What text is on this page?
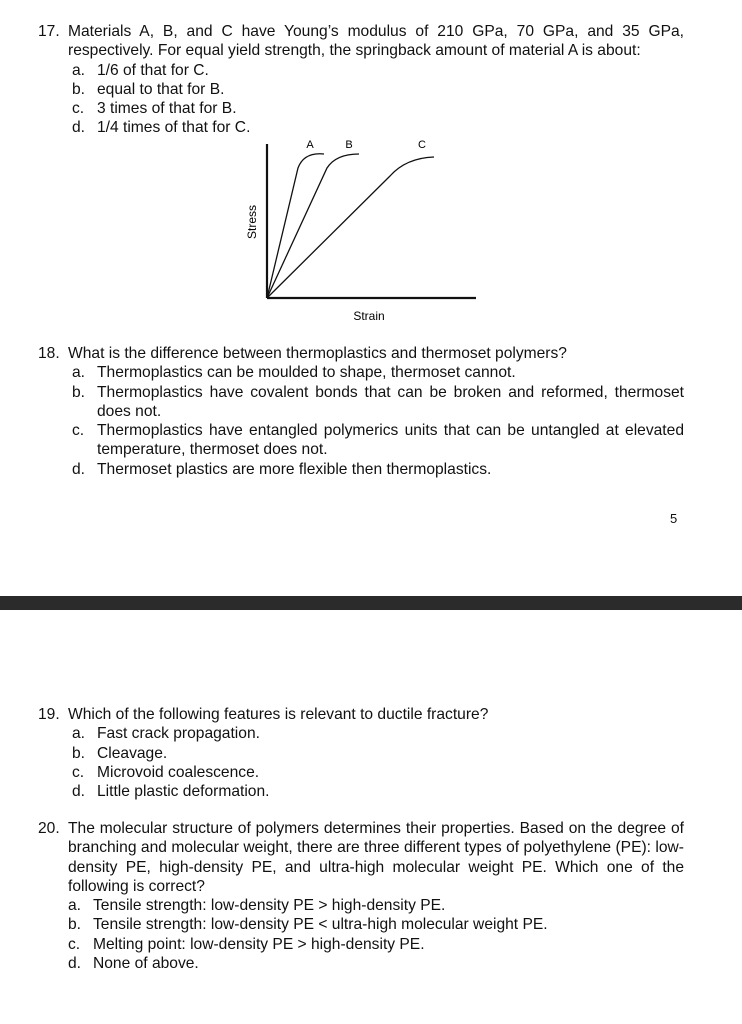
17. Materials A, B, and C have Young’s modulus of 210 GPa, 70 GPa, and 35 GPa, respectively. For equal yield strength, the springback amount of material A is about:
a. 1/6 of that for C.
b. equal to that for B.
c. 3 times of that for B.
d. 1/4 times of that for C.
A	B	C
Stress
Strain
18. What is the difference between thermoplastics and thermoset polymers?
a. Thermoplastics can be moulded to shape, thermoset cannot.
b. Thermoplastics have covalent bonds that can be broken and reformed, thermoset does not.
c. Thermoplastics have entangled polymerics units that can be untangled at elevated temperature, thermoset does not.
d. Thermoset plastics are more flexible then thermoplastics.
5
19. Which of the following features is relevant to ductile fracture?
a. Fast crack propagation.
b. Cleavage.
c. Microvoid coalescence.
d. Little plastic deformation.
20. The molecular structure of polymers determines their properties. Based on the degree of branching and molecular weight, there are three different types of polyethylene (PE): low-density PE, high-density PE, and ultra-high molecular weight PE. Which one of the following is correct?
a. Tensile strength: low-density PE > high-density PE.
b. Tensile strength: low-density PE < ultra-high molecular weight PE.
c. Melting point: low-density PE > high-density PE.
d. None of above.
